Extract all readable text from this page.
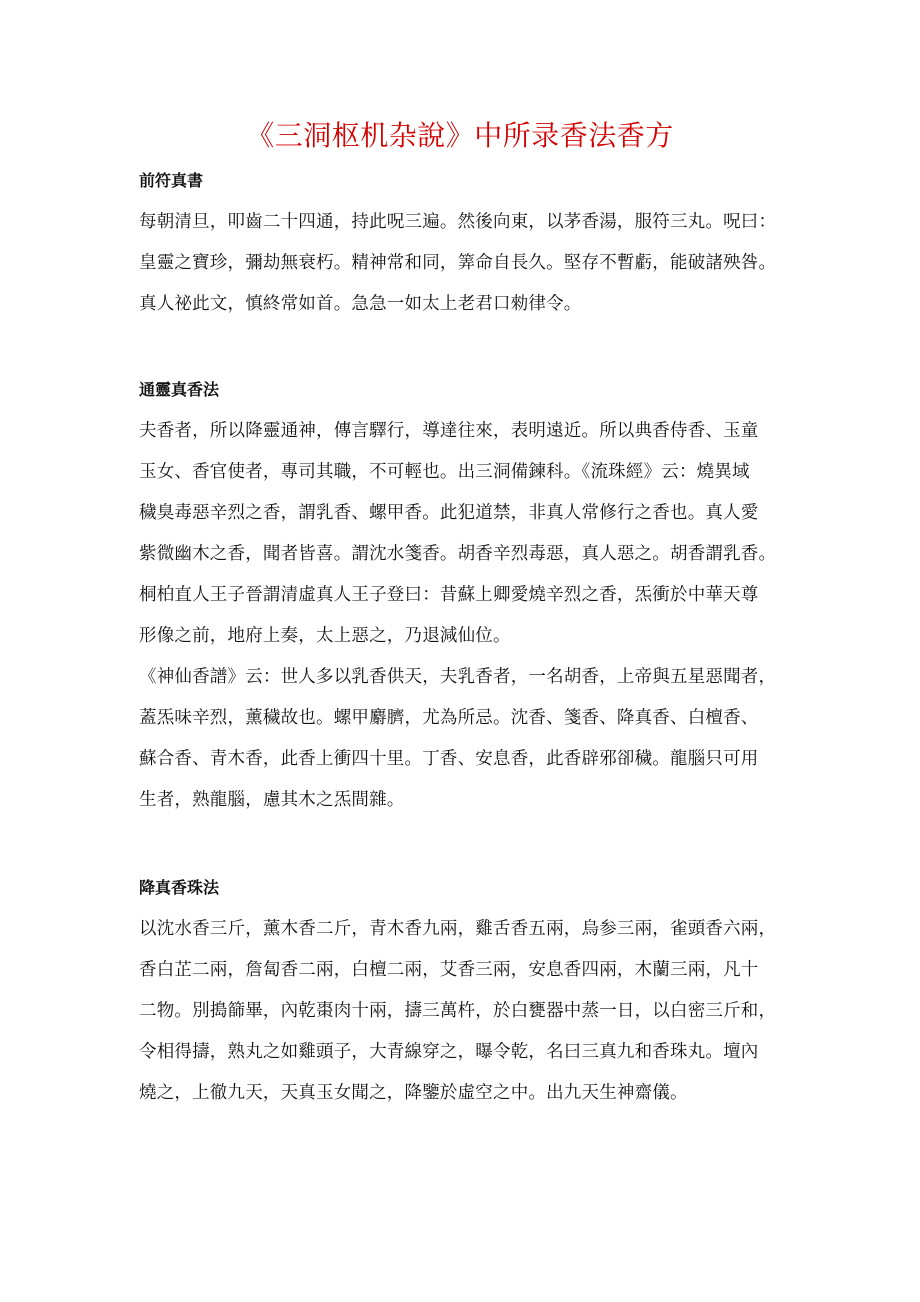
《三洞枢机杂說》中所录香法香方
前符真書
每朝清旦，叩齒二十四通，持此呪三遍。然後向東，以茅香湯，服符三丸。呪曰：
皇靈之寶珍，彌劫無衰朽。精神常和同，筭命自長久。堅存不暫虧，能破諸殃咎。
真人祕此文，慎終常如首。急急一如太上老君口勑律令。
通靈真香法
夫香者，所以降靈通神，傳言驛行，導達往來，表明遠近。所以典香侍香、玉童
玉女、香官使者，專司其職，不可輕也。出三洞備鍊科。《流珠經》云：燒異域
穢臭毒惡辛烈之香，謂乳香、螺甲香。此犯道禁，非真人常修行之香也。真人愛
紫微幽木之香，聞者皆喜。謂沈水箋香。胡香辛烈毒惡，真人惡之。胡香謂乳香。
桐柏直人王子晉謂清虛真人王子登曰：昔蘇上卿愛燒辛烈之香，炁衝於中華天尊
形像之前，地府上奏，太上惡之，乃退減仙位。
《神仙香譜》云：世人多以乳香供天，夫乳香者，一名胡香，上帝與五星惡聞者，
蓋炁味辛烈，薰穢故也。螺甲麝臍，尤為所忌。沈香、箋香、降真香、白檀香、
蘇合香、青木香，此香上衝四十里。丁香、安息香，此香辟邪卻穢。龍腦只可用
生者，熟龍腦，慮其木之炁間雜。
降真香珠法
以沈水香三斤，薰木香二斤，青木香九兩，雞舌香五兩，烏参三兩，雀頭香六兩，
香白芷二兩，詹匐香二兩，白檀二兩，艾香三兩，安息香四兩，木蘭三兩，凡十
二物。別搗篩畢，內乾棗肉十兩，擣三萬杵，於白甕器中蒸一日，以白密三斤和，
令相得擣，熟丸之如雞頭子，大青線穿之，曝令乾，名曰三真九和香珠丸。壇內
燒之，上徹九天，天真玉女聞之，降鑒於虛空之中。出九天生神齋儀。
